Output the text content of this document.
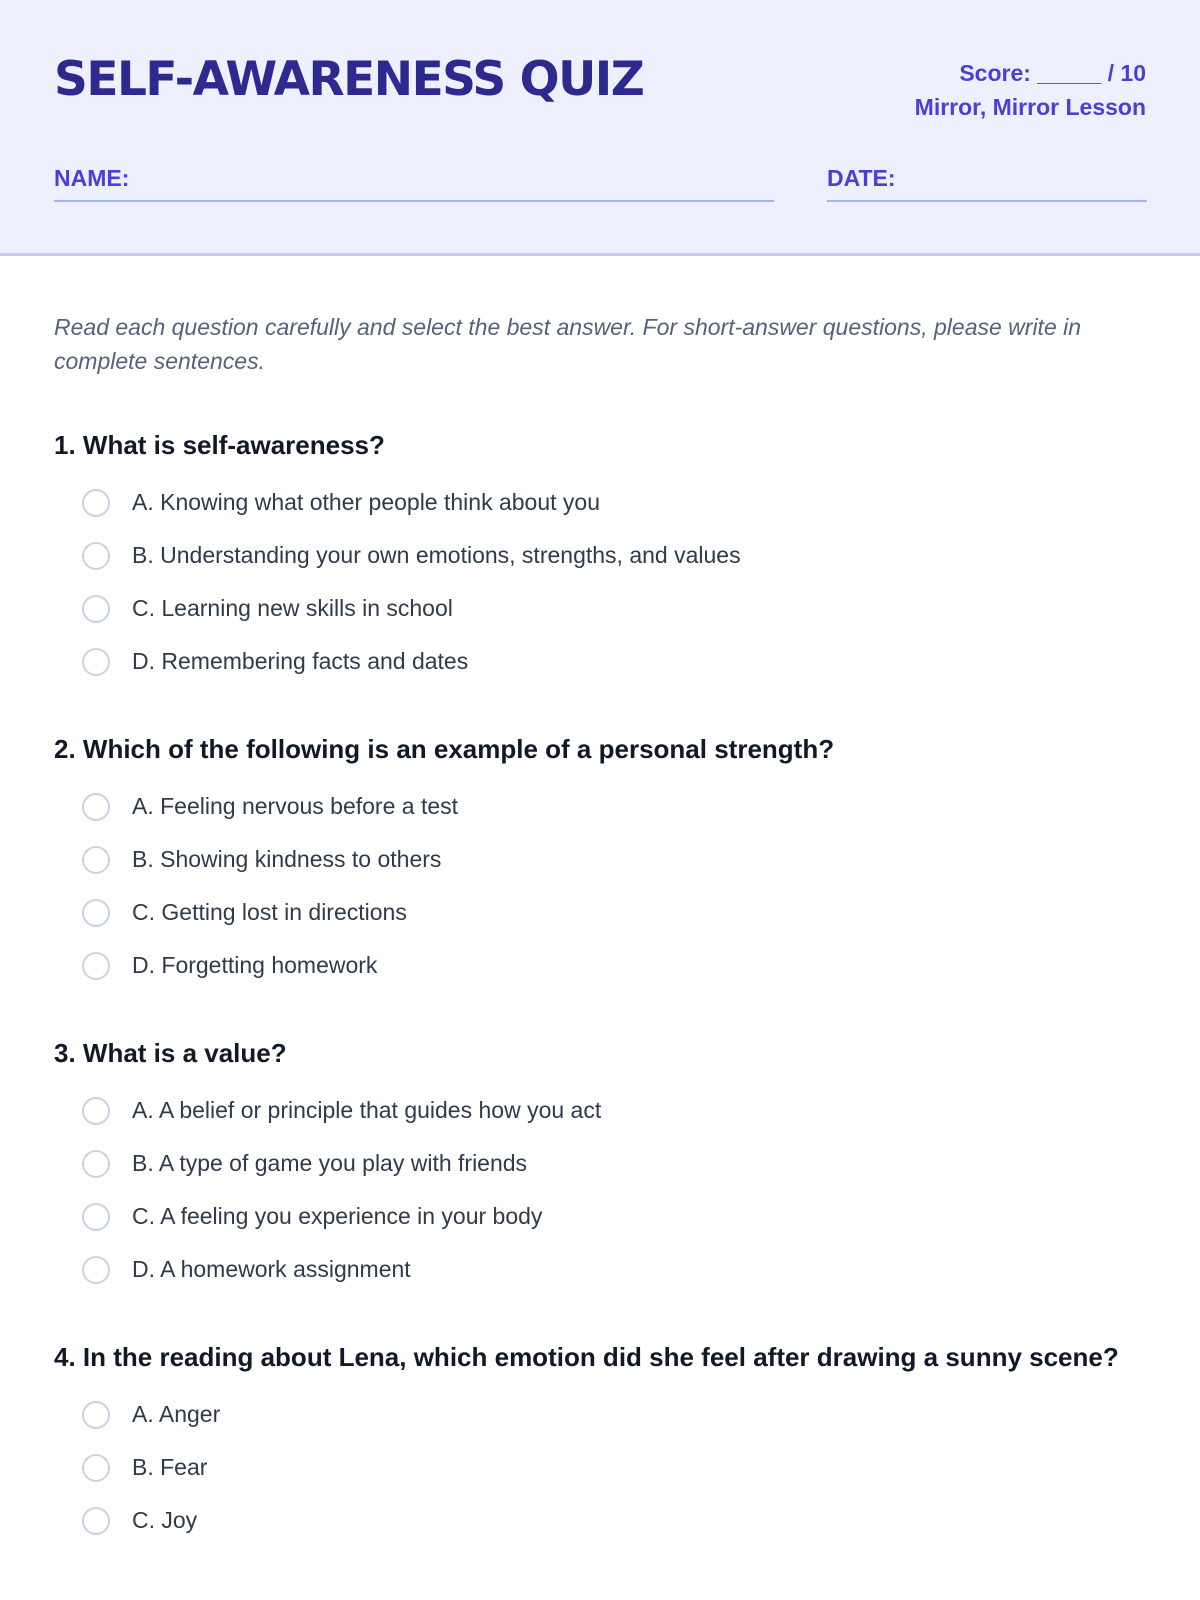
SELF-AWARENESS QUIZ	Score: _____ / 10
Mirror, Mirror Lesson
NAME:	DATE:

Read each question carefully and select the best answer. For short-answer questions, please write in complete sentences.

1. What is self-awareness?

A. Knowing what other people think about you
B. Understanding your own emotions, strengths, and values
C. Learning new skills in school
D. Remembering facts and dates

2. Which of the following is an example of a personal strength?

A. Feeling nervous before a test
B. Showing kindness to others
C. Getting lost in directions
D. Forgetting homework

3. What is a value?

A. A belief or principle that guides how you act
B. A type of game you play with friends
C. A feeling you experience in your body
D. A homework assignment

4. In the reading about Lena, which emotion did she feel after drawing a sunny scene?

A. Anger
B. Fear
C. Joy
